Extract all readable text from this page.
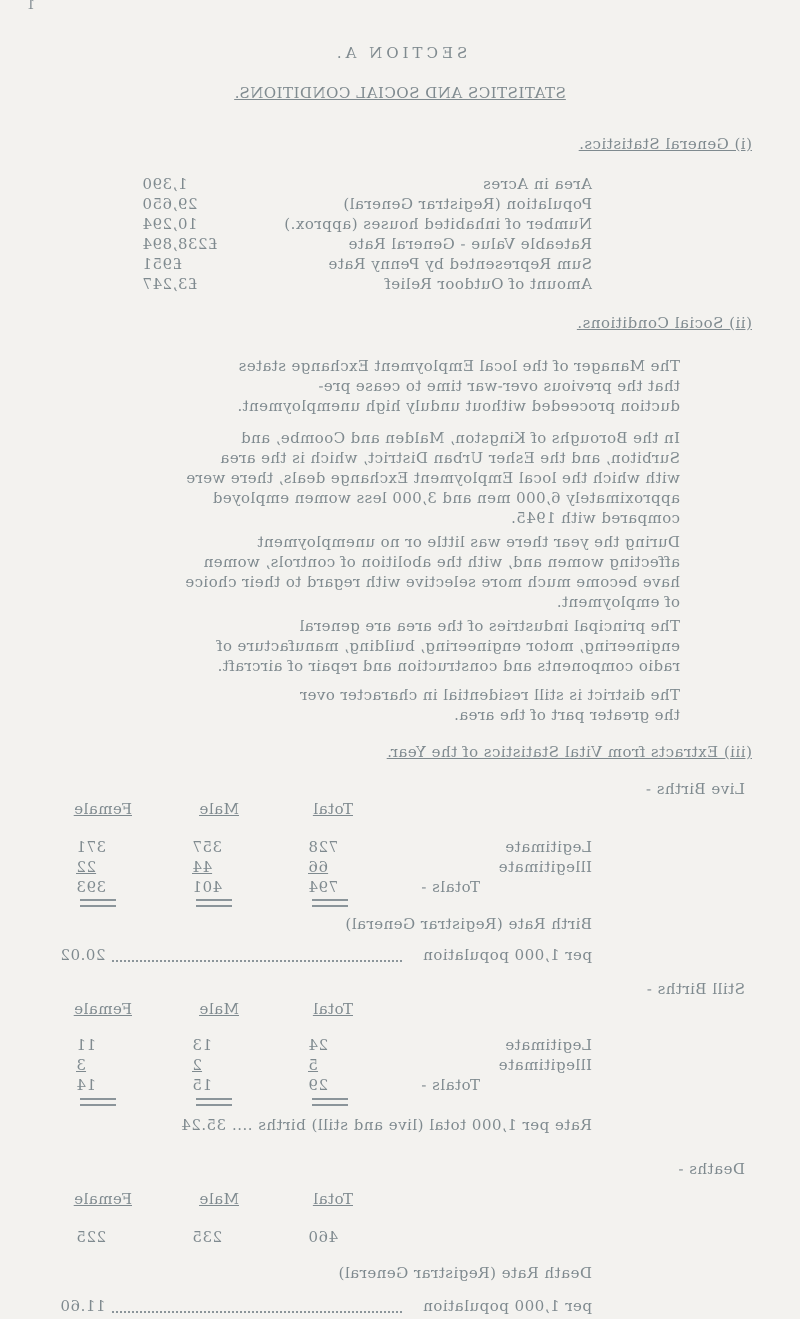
1
SECTION A.
STATISTICS AND SOCIAL CONDITIONS.
(i) General Statistics.
Area in Acres
1,390
Population (Registrar General)
29,650
Number of inhabited houses (approx.)
10,294
Rateable Value - General Rate
£238,894
Sum Represented by Penny Rate
£951
Amount of Outdoor Relief
£3,247
(ii) Social Conditions.
The Manager of the local Employment Exchange states
that the previous over-war time to cease pre-
duction proceeded without unduly high unemployment.
In the Boroughs of Kingston, Malden and Coombe, and
Surbiton, and the Esher Urban District, which is the area
with which the local Employment Exchange deals, there were
approximately 6,000 men and 3,000 less women employed
compared with 1945.
During the year there was little or no unemployment
affecting women and, with the abolition of controls, women
have become much more selective with regard to their choice
of employment.
The principal industries of the area are general
engineering, motor engineering, building, manufacture of
radio components and construction and repair of aircraft.
The district is still residential in character over
the greater part of the area.
(iii) Extracts from Vital Statistics of the Year.
Live Births -
Total
Male
Female
Legitimate
728
357
371
Illegitimate
66
44
22
Totals -
794
401
393
Birth Rate (Registrar General)
per 1,000 population
20.02
Still Births -
Total
Male
Female
Legitimate
24
13
11
Illegitimate
5
2
3
Totals -
29
15
14
Rate per 1,000 total (live and still) births .... 35.24
Deaths -
Total
Male
Female
460
235
225
Death Rate (Registrar General)
per 1,000 population
11.60
